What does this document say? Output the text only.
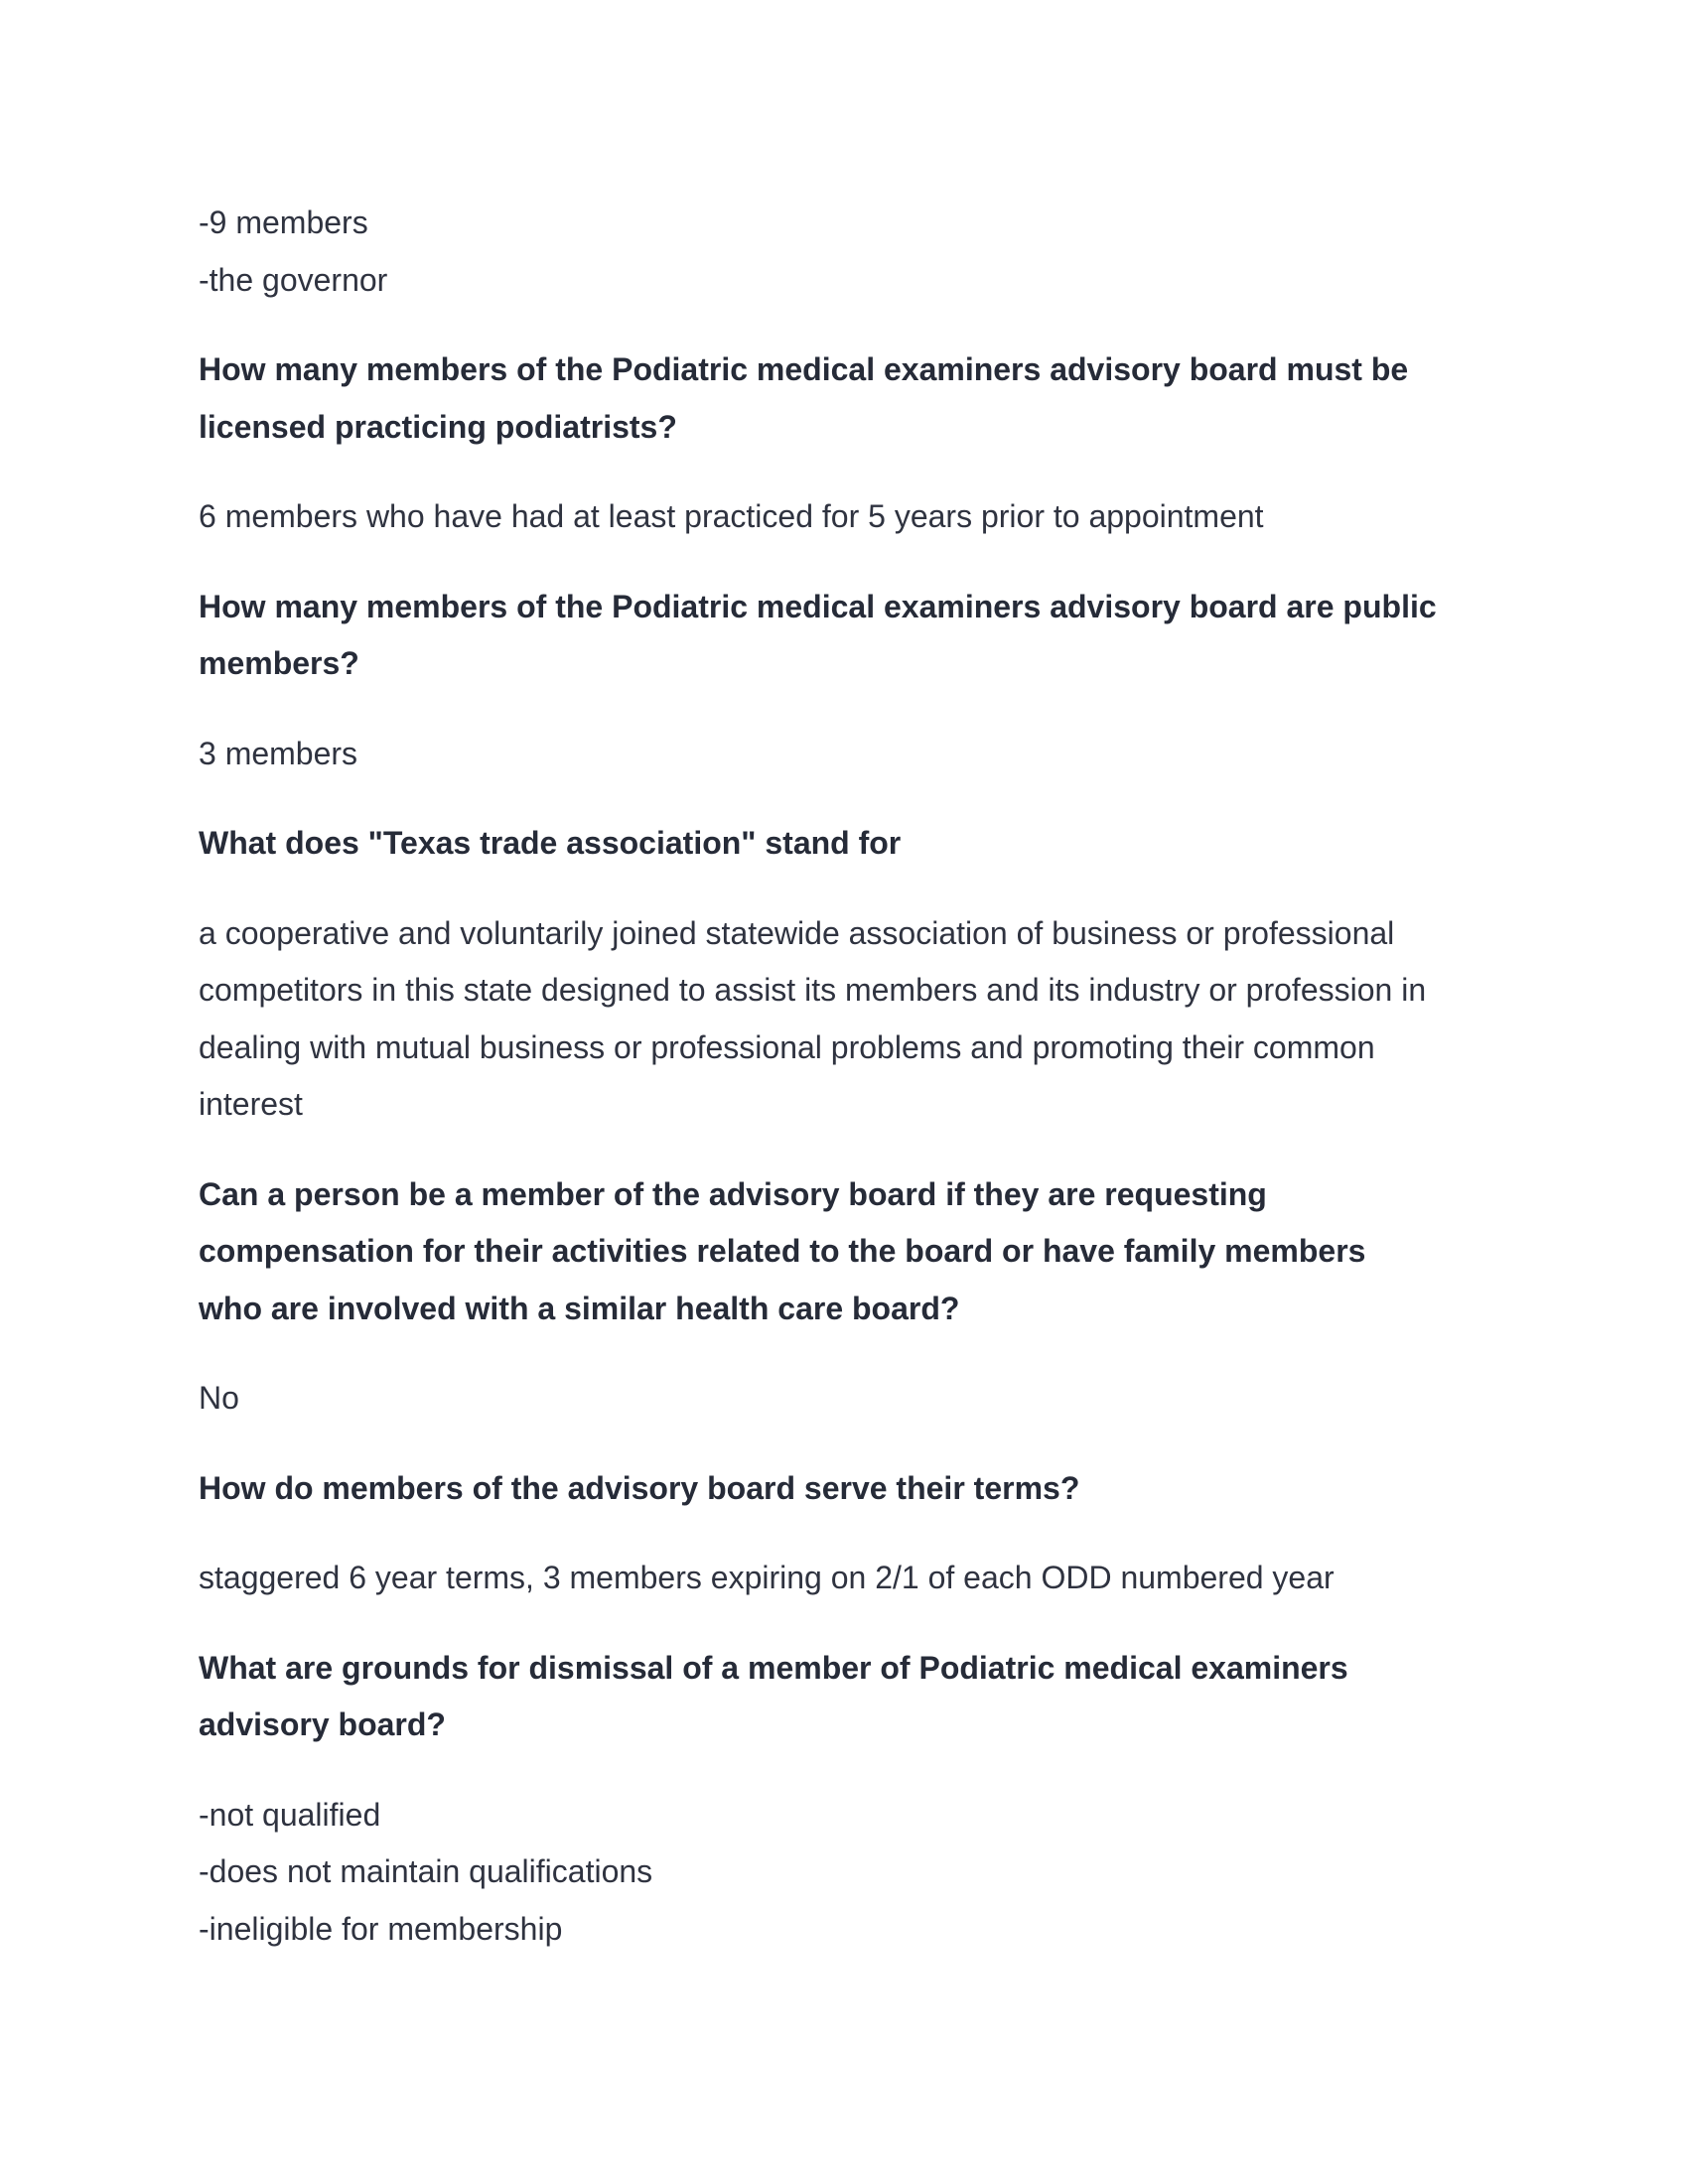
-9 members

-the governor

How many members of the Podiatric medical examiners advisory board must be

licensed practicing podiatrists?

6 members who have had at least practiced for 5 years prior to appointment

How many members of the Podiatric medical examiners advisory board are public

members?

3 members

What does "Texas trade association" stand for

a cooperative and voluntarily joined statewide association of business or professional

competitors in this state designed to assist its members and its industry or profession in

dealing with mutual business or professional problems and promoting their common

interest

Can a person be a member of the advisory board if they are requesting

compensation for their activities related to the board or have family members

who are involved with a similar health care board?

No

How do members of the advisory board serve their terms?

staggered 6 year terms, 3 members expiring on 2/1 of each ODD numbered year

What are grounds for dismissal of a member of Podiatric medical examiners

advisory board?

-not qualified

-does not maintain qualifications

-ineligible for membership
